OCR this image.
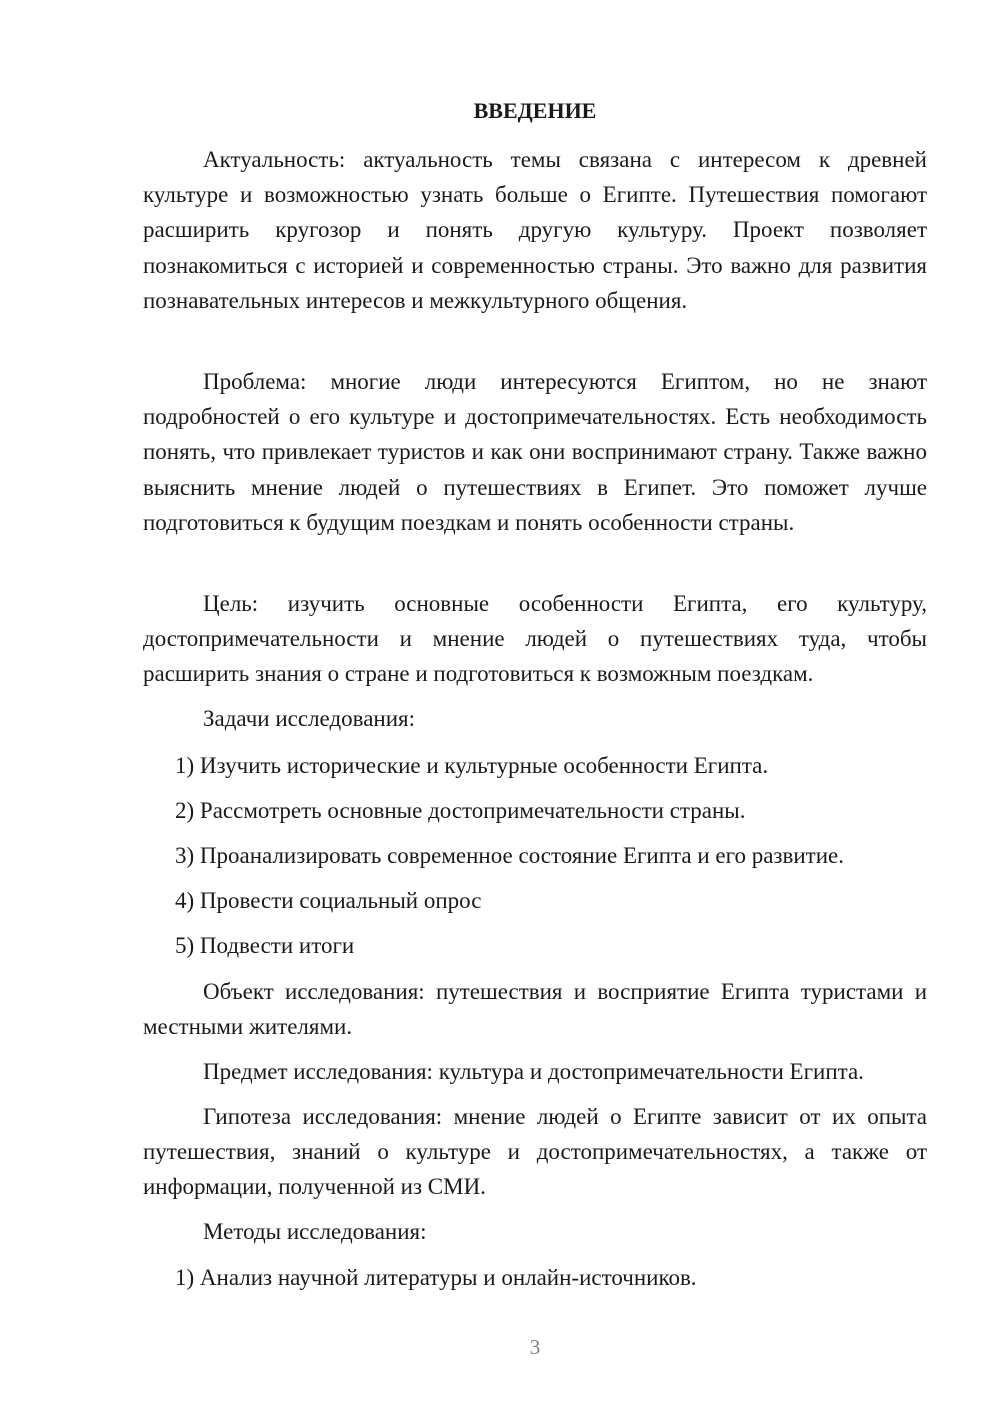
ВВЕДЕНИЕ

Актуальность: актуальность темы связана с интересом к древней культуре и возможностью узнать больше о Египте. Путешествия помогают расширить кругозор и понять другую культуру. Проект позволяет познакомиться с историей и современностью страны. Это важно для развития познавательных интересов и межкультурного общения.

Проблема: многие люди интересуются Египтом, но не знают подробностей о его культуре и достопримечательностях. Есть необходимость понять, что привлекает туристов и как они воспринимают страну. Также важно выяснить мнение людей о путешествиях в Египет. Это поможет лучше подготовиться к будущим поездкам и понять особенности страны.

Цель: изучить основные особенности Египта, его культуру, достопримечательности и мнение людей о путешествиях туда, чтобы расширить знания о стране и подготовиться к возможным поездкам.

Задачи исследования:

1) Изучить исторические и культурные особенности Египта.

2) Рассмотреть основные достопримечательности страны.

3) Проанализировать современное состояние Египта и его развитие.

4) Провести социальный опрос

5) Подвести итоги

Объект исследования: путешествия и восприятие Египта туристами и местными жителями.

Предмет исследования: культура и достопримечательности Египта.

Гипотеза исследования: мнение людей о Египте зависит от их опыта путешествия, знаний о культуре и достопримечательностях, а также от информации, полученной из СМИ.

Методы исследования:

1) Анализ научной литературы и онлайн-источников.

3
